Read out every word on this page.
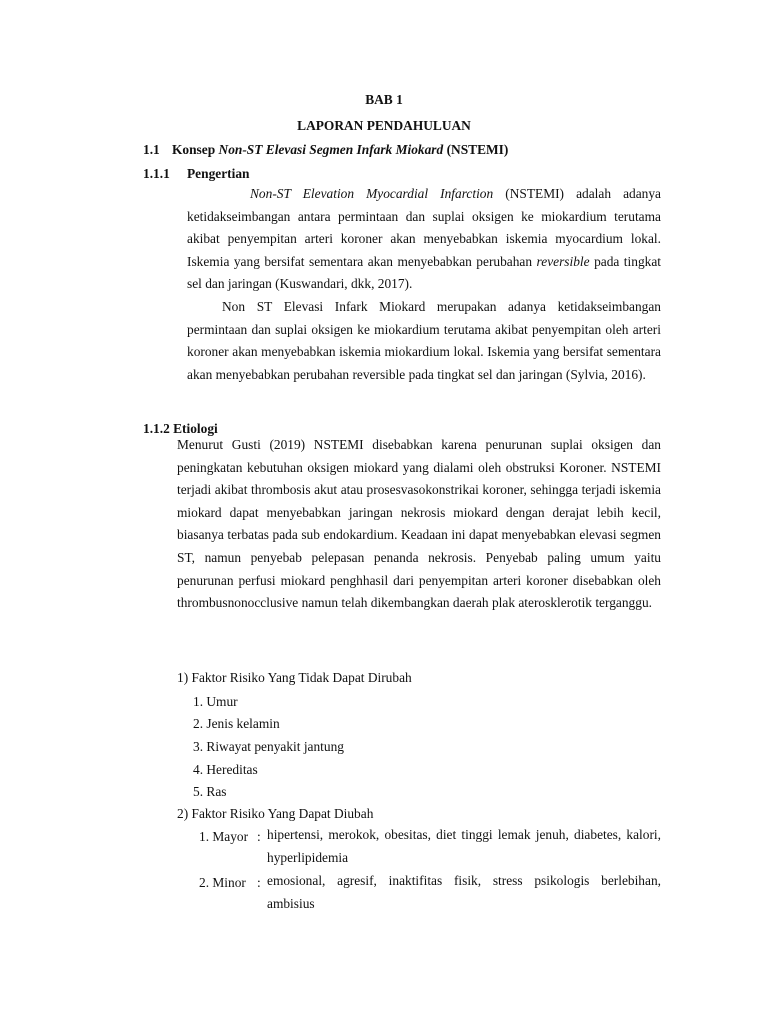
BAB 1
LAPORAN PENDAHULUAN
1.1 Konsep Non-ST Elevasi Segmen Infark Miokard (NSTEMI)
1.1.1 Pengertian
Non-ST Elevation Myocardial Infarction (NSTEMI) adalah adanya ketidakseimbangan antara permintaan dan suplai oksigen ke miokardium terutama akibat penyempitan arteri koroner akan menyebabkan iskemia myocardium lokal. Iskemia yang bersifat sementara akan menyebabkan perubahan reversible pada tingkat sel dan jaringan (Kuswandari, dkk, 2017).
Non ST Elevasi Infark Miokard merupakan adanya ketidakseimbangan permintaan dan suplai oksigen ke miokardium terutama akibat penyempitan oleh arteri koroner akan menyebabkan iskemia miokardium lokal. Iskemia yang bersifat sementara akan menyebabkan perubahan reversible pada tingkat sel dan jaringan (Sylvia, 2016).
1.1.2 Etiologi
Menurut Gusti (2019) NSTEMI disebabkan karena penurunan suplai oksigen dan peningkatan kebutuhan oksigen miokard yang dialami oleh obstruksi Koroner. NSTEMI terjadi akibat thrombosis akut atau prosesvasokonstrikai koroner, sehingga terjadi iskemia miokard dapat menyebabkan jaringan nekrosis miokard dengan derajat lebih kecil, biasanya terbatas pada sub endokardium. Keadaan ini dapat menyebabkan elevasi segmen ST, namun penyebab pelepasan penanda nekrosis. Penyebab paling umum yaitu penurunan perfusi miokard penghhasil dari penyempitan arteri koroner disebabkan oleh thrombusnonocclusive namun telah dikembangkan daerah plak aterosklerotik terganggu.
1) Faktor Risiko Yang Tidak Dapat Dirubah
1. Umur
2. Jenis kelamin
3. Riwayat penyakit jantung
4. Hereditas
5. Ras
2) Faktor Risiko Yang Dapat Diubah
1. Mayor : hipertensi, merokok, obesitas, diet tinggi lemak jenuh, diabetes, kalori, hyperlipidemia
2. Minor : emosional, agresif, inaktifitas fisik, stress psikologis berlebihan, ambisius
